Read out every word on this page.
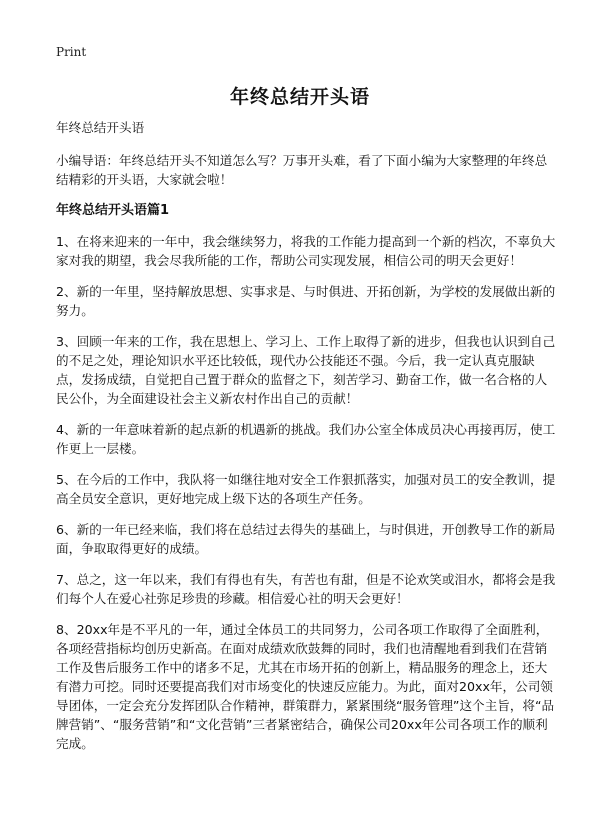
Print
年终总结开头语

年终总结开头语

小编导语：年终总结开头不知道怎么写？万事开头难，看了下面小编为大家整理的年终总结精彩的开头语，大家就会啦！

年终总结开头语篇1

1、在将来迎来的一年中，我会继续努力，将我的工作能力提高到一个新的档次，不辜负大家对我的期望，我会尽我所能的工作，帮助公司实现发展，相信公司的明天会更好！

2、新的一年里，坚持解放思想、实事求是、与时俱进、开拓创新，为学校的发展做出新的努力。

3、回顾一年来的工作，我在思想上、学习上、工作上取得了新的进步，但我也认识到自己的不足之处，理论知识水平还比较低，现代办公技能还不强。今后，我一定认真克服缺点，发扬成绩，自觉把自己置于群众的监督之下，刻苦学习、勤奋工作，做一名合格的人民公仆，为全面建设社会主义新农村作出自己的贡献！

4、新的一年意味着新的起点新的机遇新的挑战。我们办公室全体成员决心再接再厉，使工作更上一层楼。

5、在今后的工作中，我队将一如继往地对安全工作狠抓落实，加强对员工的安全教训，提高全员安全意识，更好地完成上级下达的各项生产任务。

6、新的一年已经来临，我们将在总结过去得失的基础上，与时俱进，开创教导工作的新局面，争取取得更好的成绩。

7、总之，这一年以来，我们有得也有失，有苦也有甜，但是不论欢笑或泪水，都将会是我们每个人在爱心社弥足珍贵的珍藏。相信爱心社的明天会更好！

8、20xx年是不平凡的一年，通过全体员工的共同努力，公司各项工作取得了全面胜利，各项经营指标均创历史新高。在面对成绩欢欣鼓舞的同时，我们也清醒地看到我们在营销工作及售后服务工作中的诸多不足，尤其在市场开拓的创新上，精品服务的理念上，还大有潜力可挖。同时还要提高我们对市场变化的快速反应能力。为此，面对20xx年，公司领导团体，一定会充分发挥团队合作精神，群策群力，紧紧围绕“服务管理”这个主旨，将“品牌营销”、“服务营销”和“文化营销”三者紧密结合，确保公司20xx年公司各项工作的顺利完成。
